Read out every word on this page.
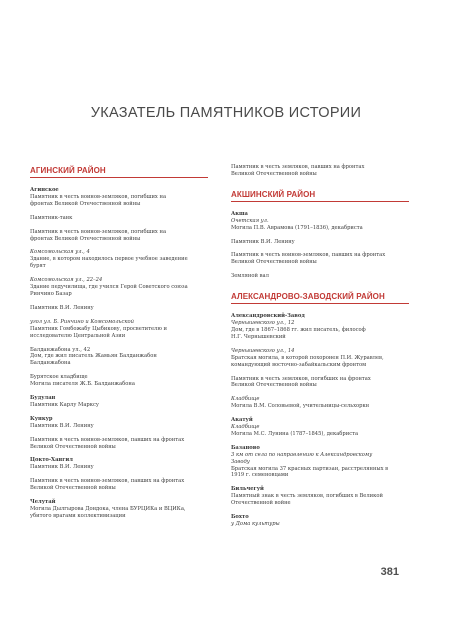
УКАЗАТЕЛЬ ПАМЯТНИКОВ ИСТОРИИ
АГИНСКИЙ РАЙОН
Агинское
Памятник в честь воинов-земляков, погибших на
фронтах Великой Отечественной войны
Памятник-танк
Памятник в честь воинов-земляков, погибших на
фронтах Великой Отечественной войны
Комсомольская ул., 4
Здание, в котором находилось первое учебное заведение
бурят
Комсомольская ул., 22–24
Здание педучилища, где учился Герой Советского союза
Ринчино Базар
Памятник В.И. Ленину
угол ул. Б. Ринчино и Комсомольской
Памятник Гомбожабу Цыбикову, просветителю и
исследователю Центральной Азии
Балданжабона ул., 42
Дом, где жил писатель Жамьян Балданжабон
Балданжабона
Бурятское кладбище
Могила писателя Ж.Б. Балданжабона
Будулан
Памятник Карлу Марксу
Кункур
Памятник В.И. Ленину
Памятник в честь воинов-земляков, павших на фронтах
Великой Отечественной войны
Цокто-Хангил
Памятник В.И. Ленину
Памятник в честь воинов-земляков, павших на фронтах
Великой Отечественной войны
Челутай
Могила Дылгырова Дондока, члена БУРЦИКа и ВЦИКа,
убитого врагами коллективизации
Памятник в честь земляков, павших на фронтах
Великой Отечественной войны
АКШИНСКИЙ РАЙОН
Акша
Очетская ул.
Могила П.В. Аврамова (1791–1836), декабриста
Памятник В.И. Ленину
Памятник в честь воинов-земляков, павших на фронтах
Великой Отечественной войны
Земляной вал
АЛЕКСАНДРОВО-ЗАВОДСКИЙ РАЙОН
Александровский-Завод
Чернышевского ул., 12
Дом, где в 1867–1868 гг. жил писатель, философ
Н.Г. Чернышевский
Чернышевского ул., 14
Братская могила, в которой похоронен П.И. Журавлев,
командующий восточно-забайкальским фронтом
Памятник в честь земляков, погибших на фронтах
Великой Отечественной войны
Кладбище
Могила В.М. Соловьевой, учительницы-сельхоркн
Акатуй
Кладбище
Могила М.С. Лунина (1787–1845), декабриста
Базаново
3 км от села по направлению к Александровскому
Заводу
Братская могила 37 красных партизан, расстрелянных в
1919 г. семеновцами
Бильчегуй
Памятный знак в честь земляков, погибших в Великой
Отечественной войне
Бохто
у Дома культуры
381
